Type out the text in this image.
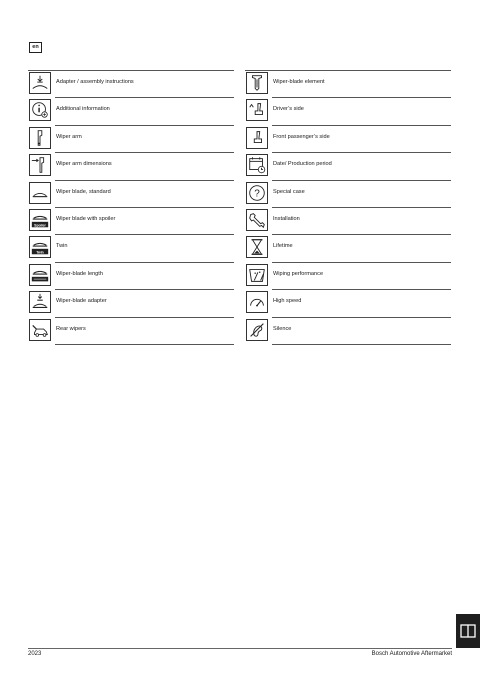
en
Adapter / assembly instructions
Additional information
Wiper arm
Wiper arm dimensions
Wiper blade, standard
Spoiler
Wiper blade with spoiler
Twin
Twin
Wiper-blade length
Wiper-blade adapter
Rear wipers
Wiper-blade element
Driver’s side
Front passenger’s side
Date/ Production period
? Special case
Installation
Lifetime
Wiping performance
High speed
Silence
2023	Bosch Automotive Aftermarket
